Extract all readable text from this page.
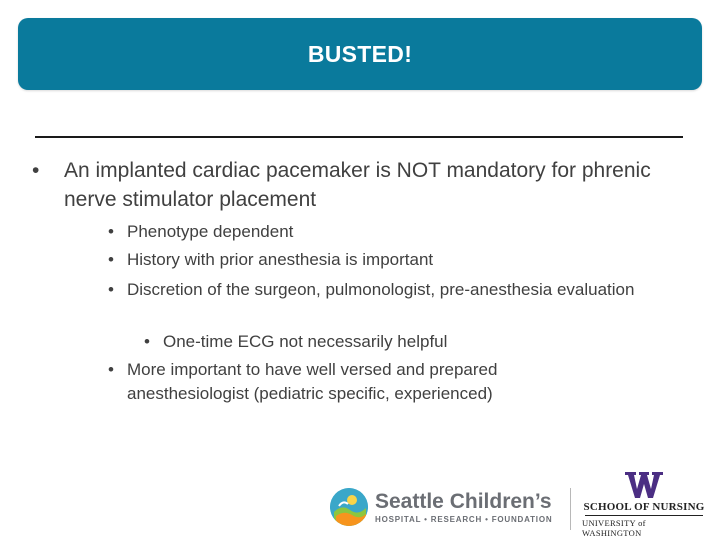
BUSTED!
•	An implanted cardiac pacemaker is NOT mandatory for phrenic nerve stimulator placement
• Phenotype dependent
• History with prior anesthesia is important
• Discretion of the surgeon, pulmonologist, pre-anesthesia evaluation
• One-time ECG not necessarily helpful
• More important to have well versed and prepared anesthesiologist (pediatric specific, experienced)
Seattle Children’s
HOSPITAL • RESEARCH • FOUNDATION
SCHOOL OF NURSING
UNIVERSITY of WASHINGTON
